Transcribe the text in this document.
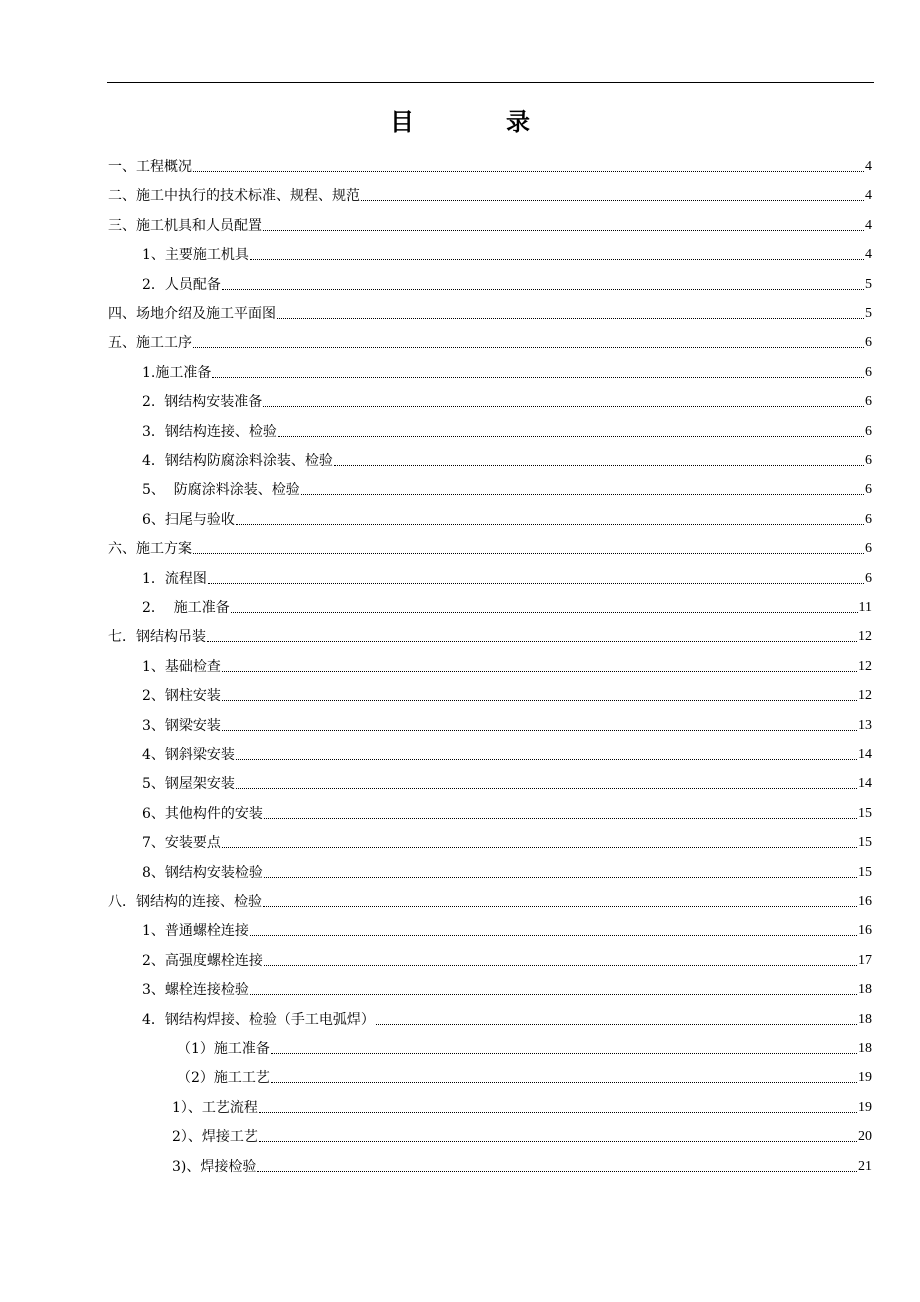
目　录
一、工程概况	4
二、施工中执行的技术标准、规程、规范	4
三、施工机具和人员配置	4
1、主要施工机具	4
2．人员配备	5
四、场地介绍及施工平面图	5
五、施工工序	6
1.施工准备	6
2.  钢结构安装准备	6
3．钢结构连接、检验	6
4．钢结构防腐涂料涂装、检验	6
5、  防腐涂料涂装、检验	6
6、扫尾与验收	6
六、施工方案	6
1．流程图	6
2．  施工准备	11
七．钢结构吊装	12
1、基础检查	12
2、钢柱安装	12
3、钢梁安装	13
4、钢斜梁安装	14
5、钢屋架安装	14
6、其他构件的安装	15
7、安装要点	15
8、钢结构安装检验	15
八．钢结构的连接、检验	16
1、普通螺栓连接	16
2、高强度螺栓连接	17
3、螺栓连接检验	18
4．钢结构焊接、检验（手工电弧焊）	18
（1）施工准备	18
（2）施工工艺	19
1）、工艺流程	19
2）、焊接工艺	20
3)、焊接检验	21
